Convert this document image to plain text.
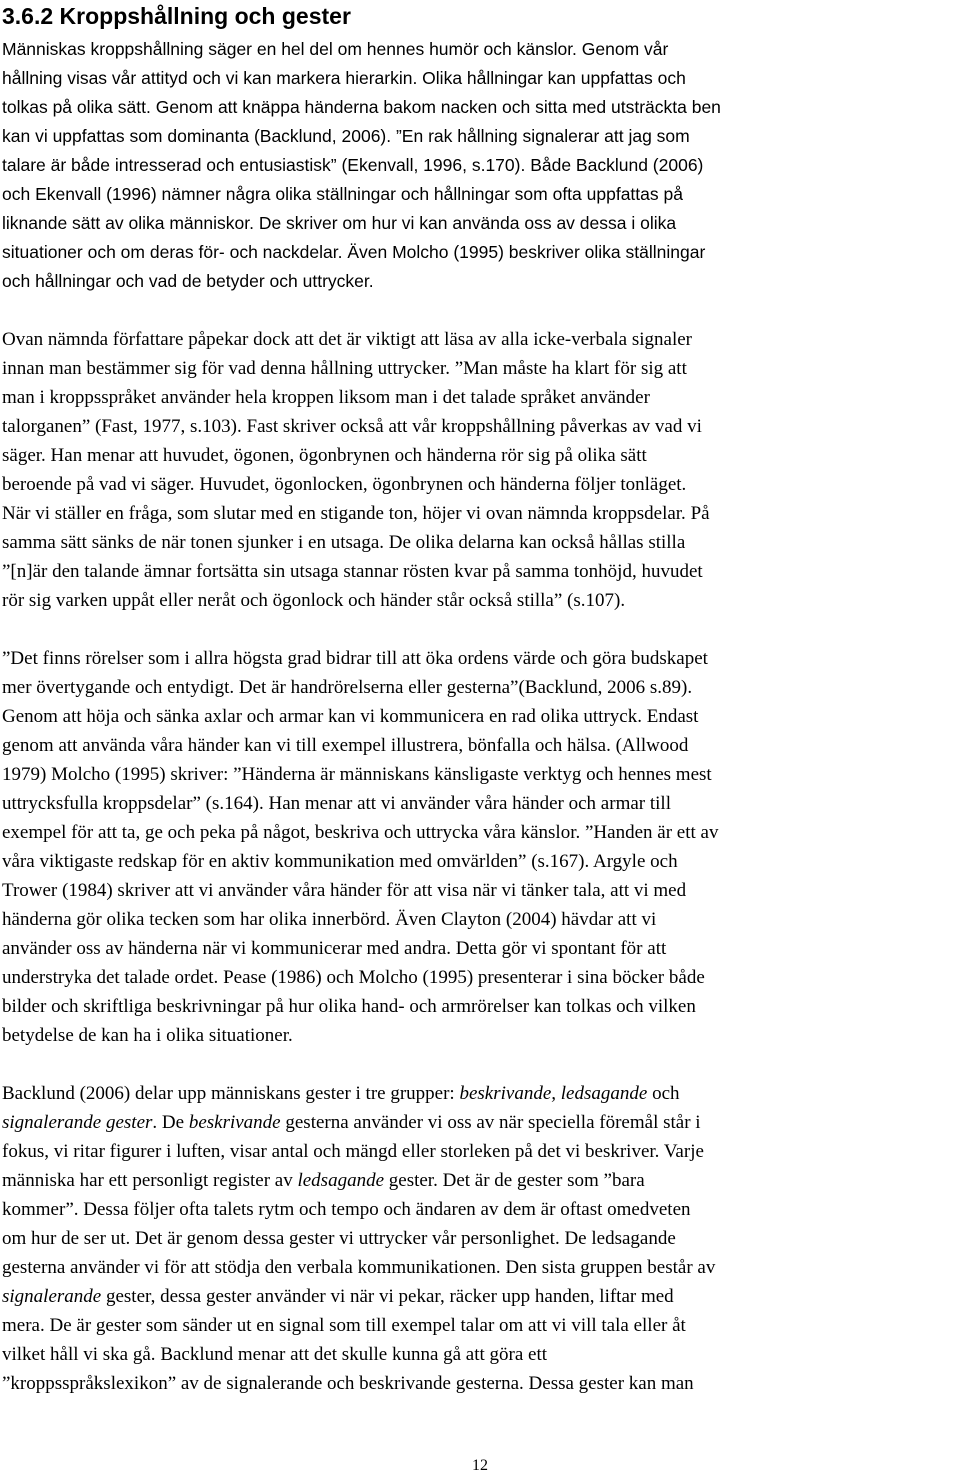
3.6.2 Kroppshållning och gester
Människas kroppshållning säger en hel del om hennes humör och känslor. Genom vår
hållning visas vår attityd och vi kan markera hierarkin. Olika hållningar kan uppfattas och
tolkas på olika sätt. Genom att knäppa händerna bakom nacken och sitta med utsträckta ben
kan vi uppfattas som dominanta (Backlund, 2006). ”En rak hållning signalerar att jag som
talare är både intresserad och entusiastisk” (Ekenvall, 1996, s.170). Både Backlund (2006)
och Ekenvall (1996) nämner några olika ställningar och hållningar som ofta uppfattas på
liknande sätt av olika människor. De skriver om hur vi kan använda oss av dessa i olika
situationer och om deras för- och nackdelar. Även Molcho (1995) beskriver olika ställningar
och hållningar och vad de betyder och uttrycker.
Ovan nämnda författare påpekar dock att det är viktigt att läsa av alla icke-verbala signaler
innan man bestämmer sig för vad denna hållning uttrycker. ”Man måste ha klart för sig att
man i kroppsspråket använder hela kroppen liksom man i det talade språket använder
talorganen” (Fast, 1977, s.103). Fast skriver också att vår kroppshållning påverkas av vad vi
säger. Han menar att huvudet, ögonen, ögonbrynen och händerna rör sig på olika sätt
beroende på vad vi säger. Huvudet, ögonlocken, ögonbrynen och händerna följer tonläget.
När vi ställer en fråga, som slutar med en stigande ton, höjer vi ovan nämnda kroppsdelar. På
samma sätt sänks de när tonen sjunker i en utsaga. De olika delarna kan också hållas stilla
”[n]är den talande ämnar fortsätta sin utsaga stannar rösten kvar på samma tonhöjd, huvudet
rör sig varken uppåt eller neråt och ögonlock och händer står också stilla” (s.107).
”Det finns rörelser som i allra högsta grad bidrar till att öka ordens värde och göra budskapet
mer övertygande och entydigt. Det är handrörelserna eller gesterna”(Backlund, 2006 s.89).
Genom att höja och sänka axlar och armar kan vi kommunicera en rad olika uttryck. Endast
genom att använda våra händer kan vi till exempel illustrera, bönfalla och hälsa. (Allwood
1979) Molcho (1995) skriver: ”Händerna är människans känsligaste verktyg och hennes mest
uttrycksfulla kroppsdelar” (s.164). Han menar att vi använder våra händer och armar till
exempel för att ta, ge och peka på något, beskriva och uttrycka våra känslor. ”Handen är ett av
våra viktigaste redskap för en aktiv kommunikation med omvärlden” (s.167). Argyle och
Trower (1984) skriver att vi använder våra händer för att visa när vi tänker tala, att vi med
händerna gör olika tecken som har olika innerbörd. Även Clayton (2004) hävdar att vi
använder oss av händerna när vi kommunicerar med andra. Detta gör vi spontant för att
understryka det talade ordet. Pease (1986) och Molcho (1995) presenterar i sina böcker både
bilder och skriftliga beskrivningar på hur olika hand- och armrörelser kan tolkas och vilken
betydelse de kan ha i olika situationer.
Backlund (2006) delar upp människans gester i tre grupper: beskrivande, ledsagande och
signalerande gester. De beskrivande gesterna använder vi oss av när speciella föremål står i
fokus, vi ritar figurer i luften, visar antal och mängd eller storleken på det vi beskriver. Varje
människa har ett personligt register av ledsagande gester. Det är de gester som ”bara
kommer”. Dessa följer ofta talets rytm och tempo och ändaren av dem är oftast omedveten
om hur de ser ut. Det är genom dessa gester vi uttrycker vår personlighet. De ledsagande
gesterna använder vi för att stödja den verbala kommunikationen. Den sista gruppen består av
signalerande gester, dessa gester använder vi när vi pekar, räcker upp handen, liftar med
mera. De är gester som sänder ut en signal som till exempel talar om att vi vill tala eller åt
vilket håll vi ska gå. Backlund menar att det skulle kunna gå att göra ett
”kroppsspråkslexikon” av de signalerande och beskrivande gesterna. Dessa gester kan man
12
